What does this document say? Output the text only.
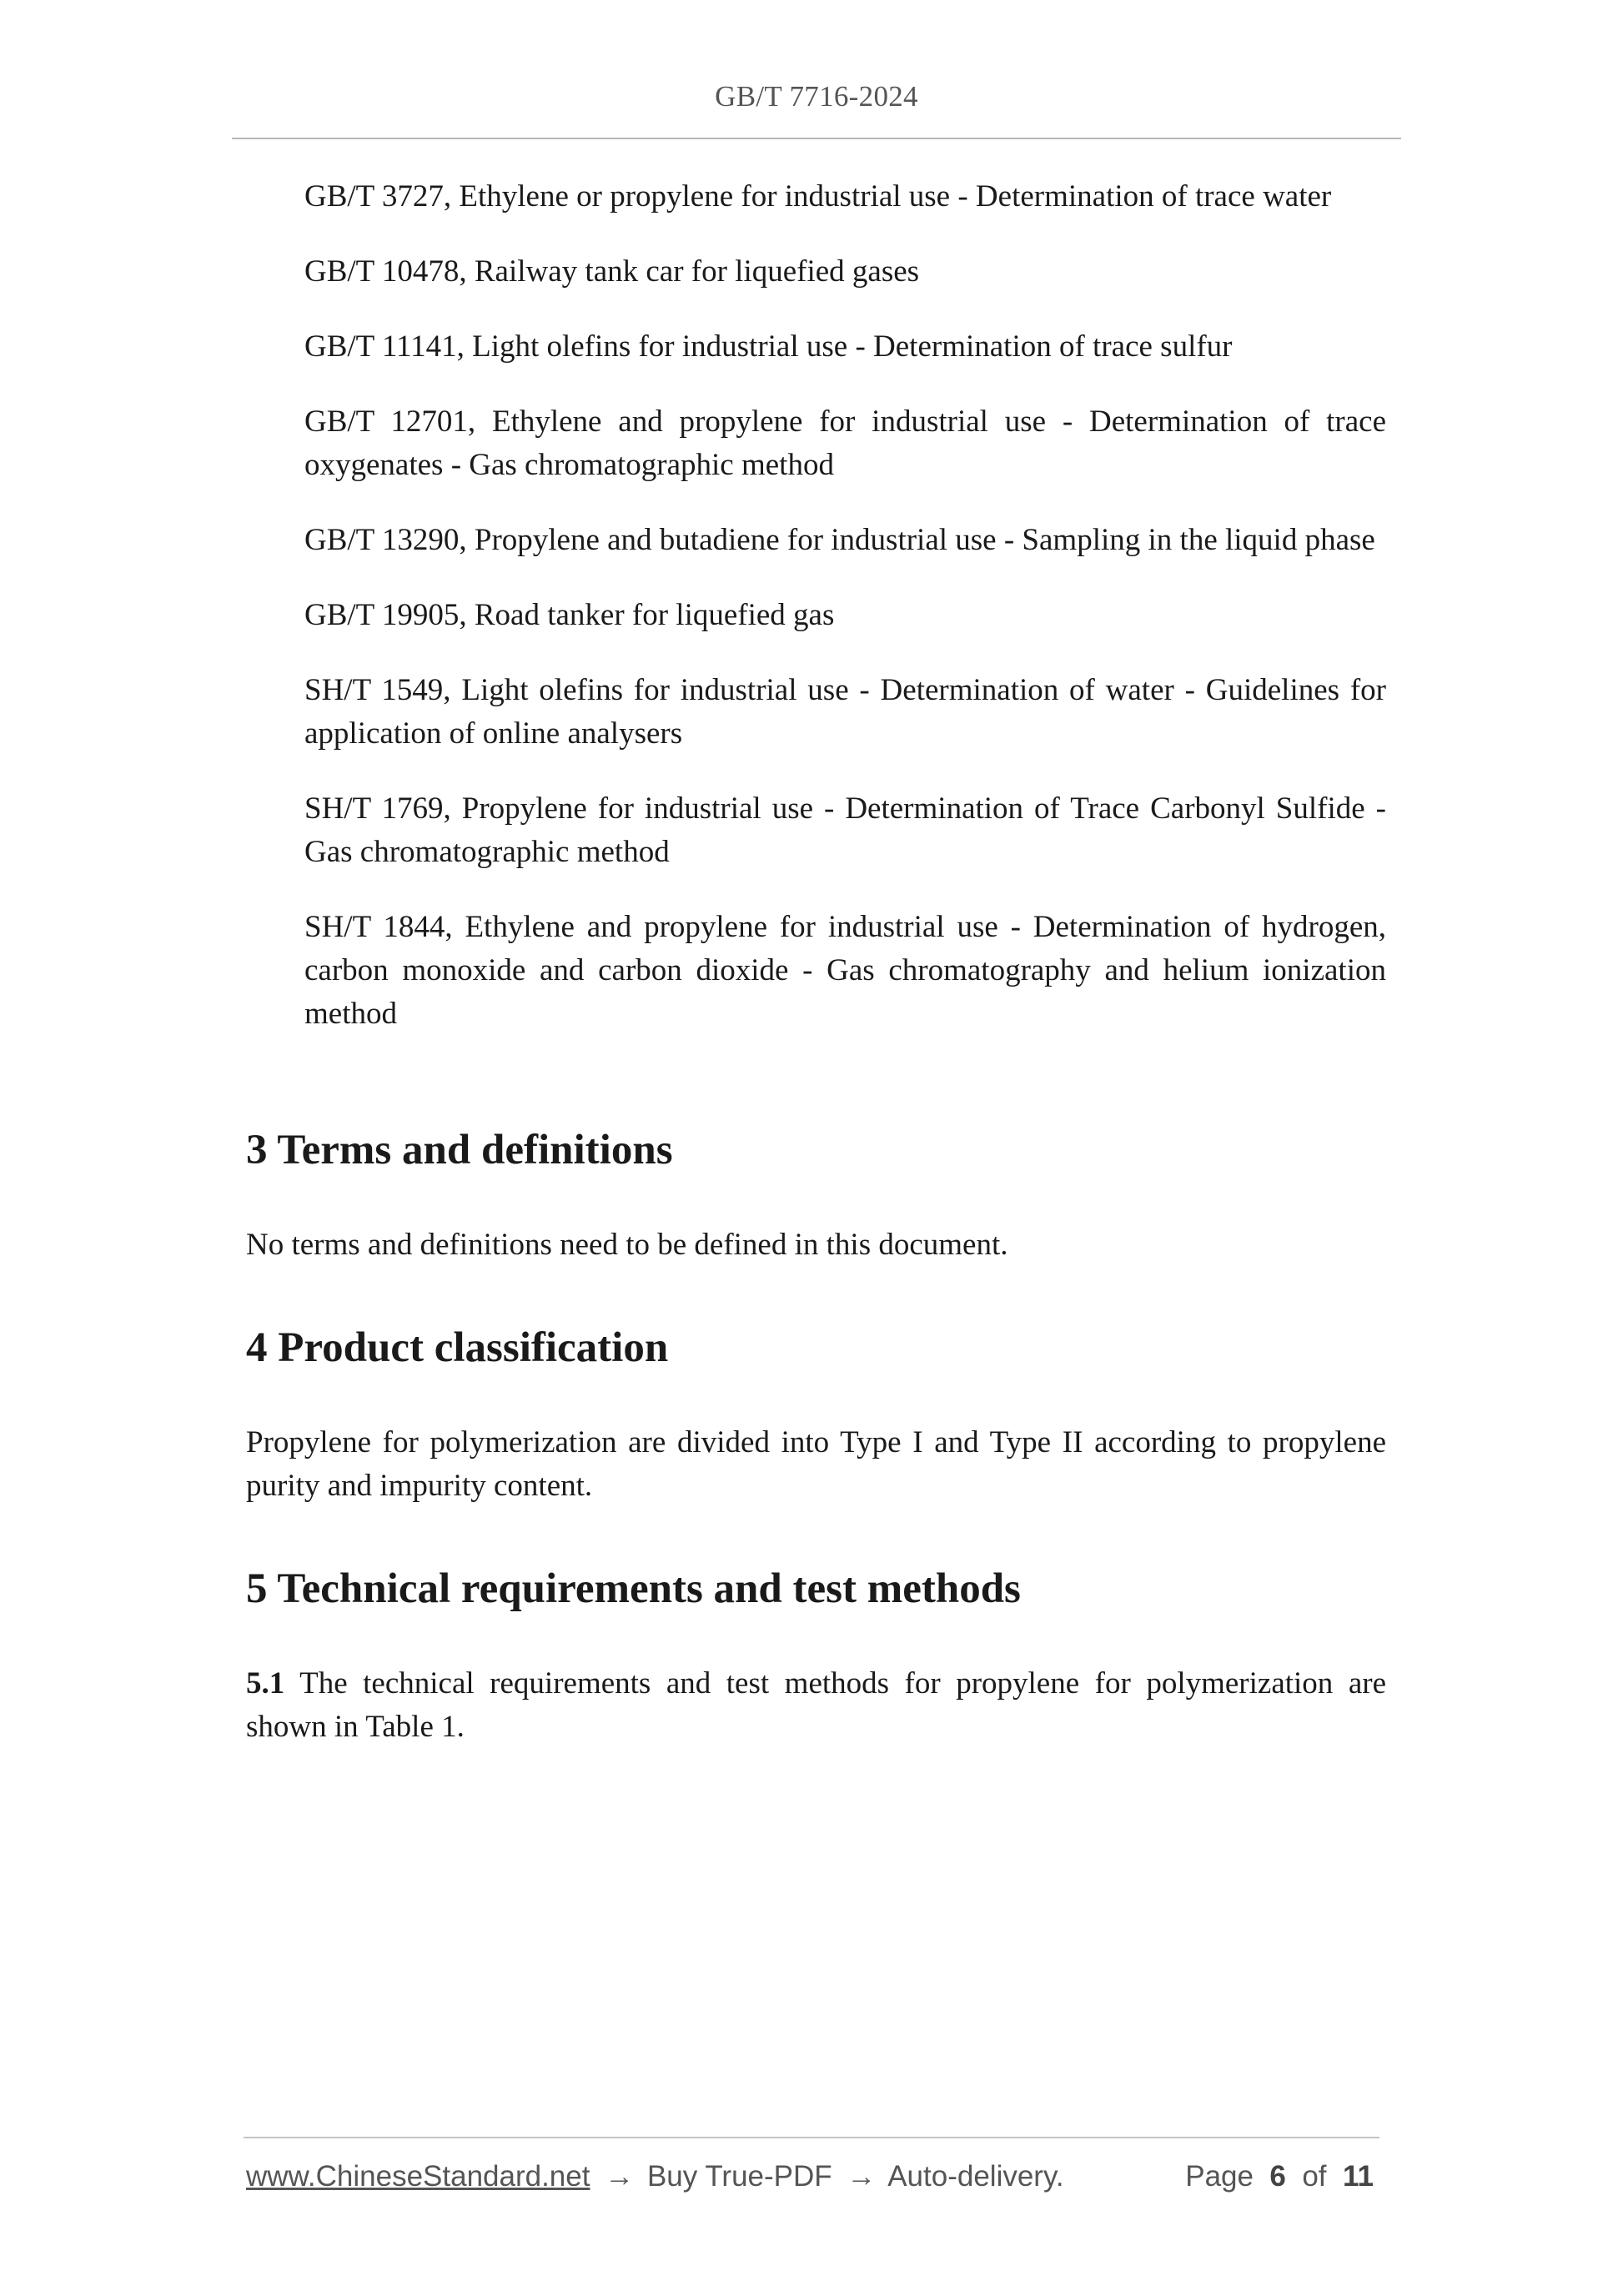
GB/T 7716-2024

GB/T 3727, Ethylene or propylene for industrial use - Determination of trace water

GB/T 10478, Railway tank car for liquefied gases

GB/T 11141, Light olefins for industrial use - Determination of trace sulfur

GB/T 12701, Ethylene and propylene for industrial use - Determination of trace oxygenates - Gas chromatographic method

GB/T 13290, Propylene and butadiene for industrial use - Sampling in the liquid phase

GB/T 19905, Road tanker for liquefied gas

SH/T 1549, Light olefins for industrial use - Determination of water - Guidelines for application of online analysers

SH/T 1769, Propylene for industrial use - Determination of Trace Carbonyl Sulfide - Gas chromatographic method

SH/T 1844, Ethylene and propylene for industrial use - Determination of hydrogen, carbon monoxide and carbon dioxide - Gas chromatography and helium ionization method

3 Terms and definitions

No terms and definitions need to be defined in this document.

4 Product classification

Propylene for polymerization are divided into Type I and Type II according to propylene purity and impurity content.

5 Technical requirements and test methods

5.1 The technical requirements and test methods for propylene for polymerization are shown in Table 1.

www.ChineseStandard.net → Buy True-PDF → Auto-delivery.	Page 6 of 11
